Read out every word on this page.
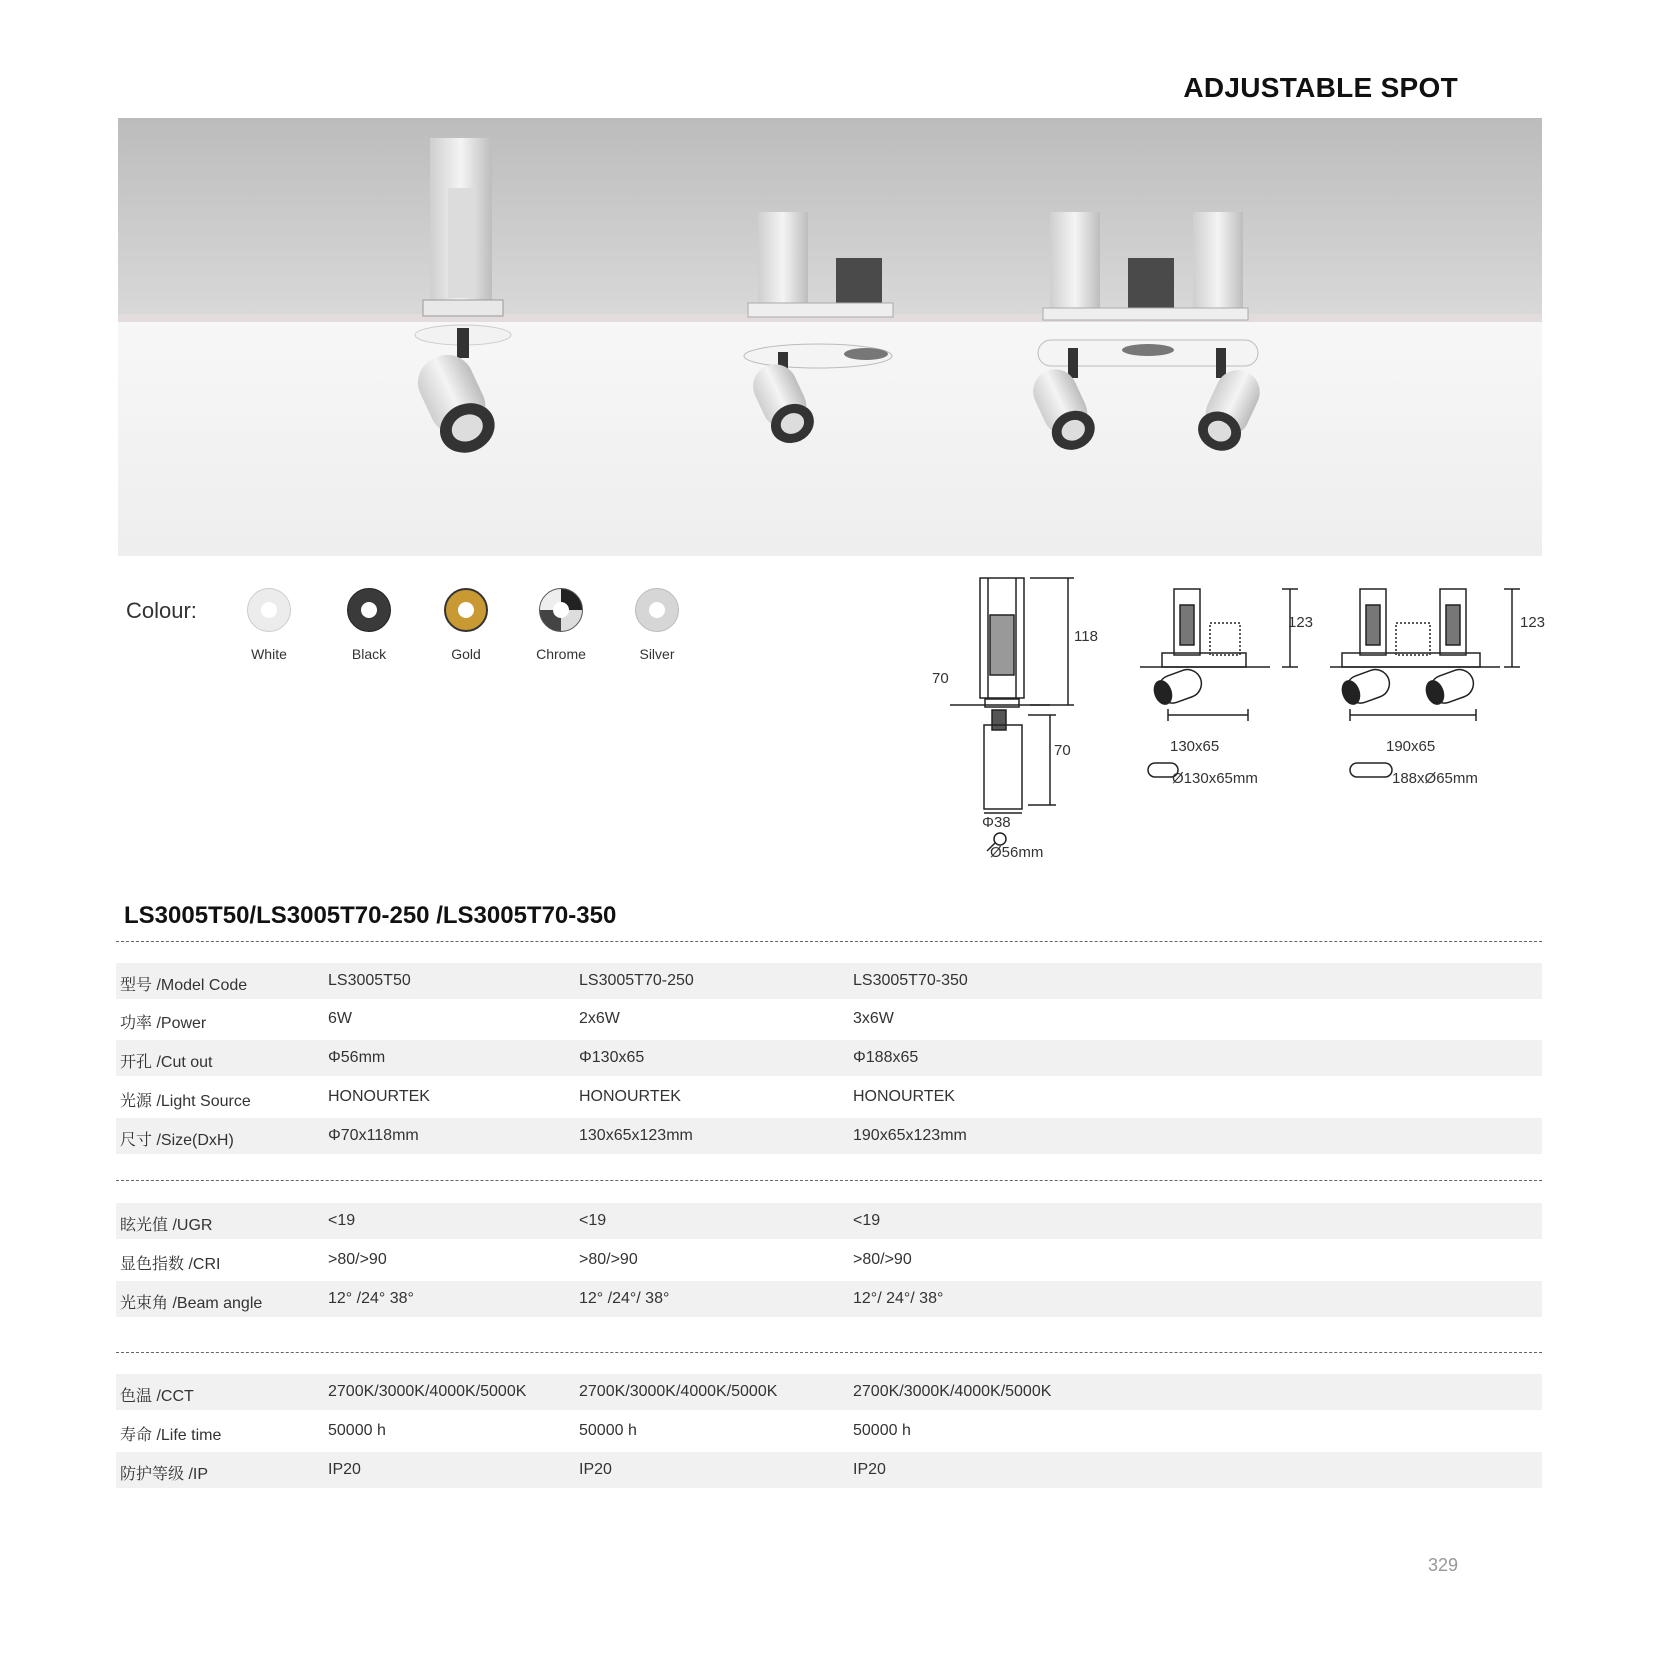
ADJUSTABLE SPOT
Colour:
White	Black	Gold	Chrome	Silver
118
70
70
Φ38
Ø56mm
123
130x65
Ø130x65mm
123
190x65
188xØ65mm
LS3005T50/LS3005T70-250 /LS3005T70-350
型号 /Model Code	LS3005T50	LS3005T70-250	LS3005T70-350
功率 /Power	6W	2x6W	3x6W
开孔 /Cut out	Φ56mm	Φ130x65	Φ188x65
光源 /Light Source	HONOURTEK	HONOURTEK	HONOURTEK
尺寸 /Size(DxH)	Φ70x118mm	130x65x123mm	190x65x123mm
眩光值 /UGR	<19	<19	<19
显色指数 /CRI	>80/>90	>80/>90	>80/>90
光束角 /Beam angle	12° /24° 38°	12° /24°/ 38°	12°/ 24°/ 38°
色温 /CCT	2700K/3000K/4000K/5000K	2700K/3000K/4000K/5000K	2700K/3000K/4000K/5000K
寿命 /Life time	50000 h	50000 h	50000 h
防护等级 /IP	IP20	IP20	IP20
329
